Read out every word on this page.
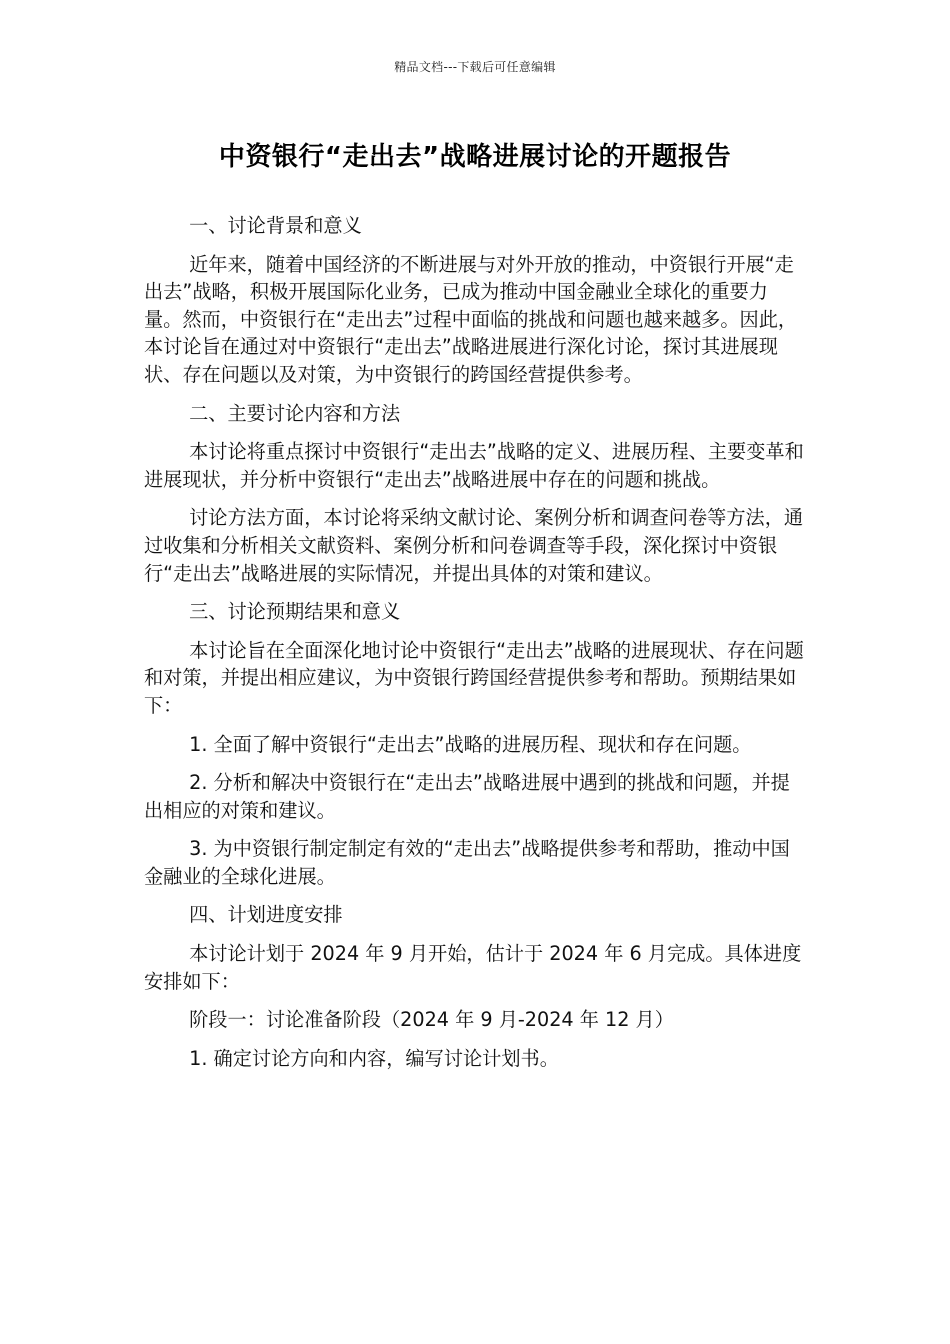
精品文档---下载后可任意编辑
中资银行“走出去”战略进展讨论的开题报告

一、讨论背景和意义

近年来，随着中国经济的不断进展与对外开放的推动，中资银行开展“走出去”战略，积极开展国际化业务，已成为推动中国金融业全球化的重要力量。然而，中资银行在“走出去”过程中面临的挑战和问题也越来越多。因此，本讨论旨在通过对中资银行“走出去”战略进展进行深化讨论，探讨其进展现状、存在问题以及对策，为中资银行的跨国经营提供参考。

二、主要讨论内容和方法

本讨论将重点探讨中资银行“走出去”战略的定义、进展历程、主要变革和进展现状，并分析中资银行“走出去”战略进展中存在的问题和挑战。

讨论方法方面，本讨论将采纳文献讨论、案例分析和调查问卷等方法，通过收集和分析相关文献资料、案例分析和问卷调查等手段，深化探讨中资银行“走出去”战略进展的实际情况，并提出具体的对策和建议。

三、讨论预期结果和意义

本讨论旨在全面深化地讨论中资银行“走出去”战略的进展现状、存在问题和对策，并提出相应建议，为中资银行跨国经营提供参考和帮助。预期结果如下：

1. 全面了解中资银行“走出去”战略的进展历程、现状和存在问题。

2. 分析和解决中资银行在“走出去”战略进展中遇到的挑战和问题，并提出相应的对策和建议。

3. 为中资银行制定制定有效的“走出去”战略提供参考和帮助，推动中国金融业的全球化进展。

四、计划进度安排

本讨论计划于 2024 年 9 月开始，估计于 2024 年 6 月完成。具体进度安排如下：

阶段一：讨论准备阶段（2024 年 9 月-2024 年 12 月）

1. 确定讨论方向和内容，编写讨论计划书。
